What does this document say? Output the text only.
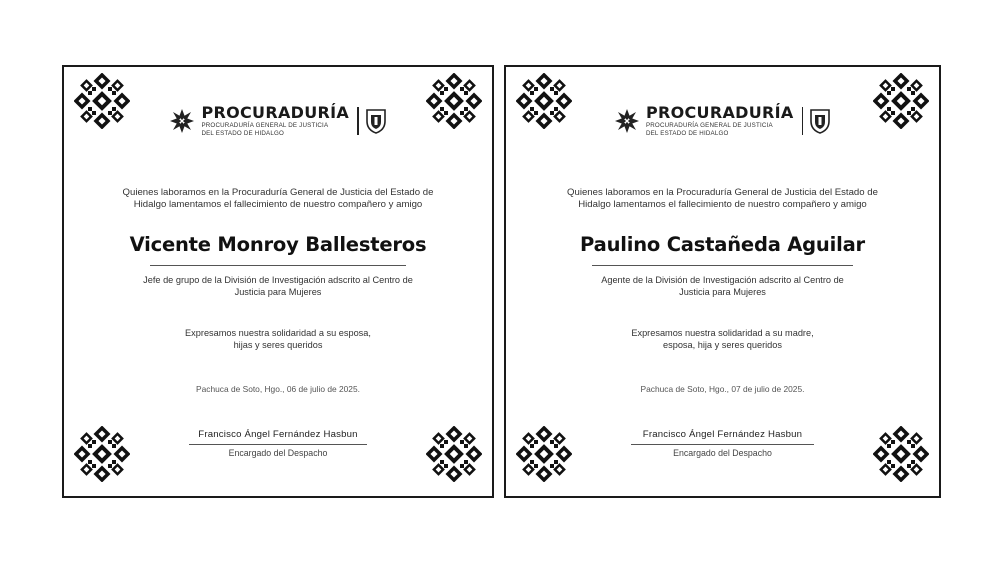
PROCURADURÍA
PROCURADURÍA GENERAL DE JUSTICIA
DEL ESTADO DE HIDALGO
Quienes laboramos en la Procuraduría General de Justicia del Estado de
Hidalgo lamentamos el fallecimiento de nuestro compañero y amigo
Vicente Monroy Ballesteros
Jefe de grupo de la División de Investigación adscrito al Centro de
Justicia para Mujeres
Expresamos nuestra solidaridad a su esposa,
hijas y seres queridos
Pachuca de Soto, Hgo., 06 de julio de 2025.
Francisco Ángel Fernández Hasbun
Encargado del Despacho
PROCURADURÍA
PROCURADURÍA GENERAL DE JUSTICIA
DEL ESTADO DE HIDALGO
Quienes laboramos en la Procuraduría General de Justicia del Estado de
Hidalgo lamentamos el fallecimiento de nuestro compañero y amigo
Paulino Castañeda Aguilar
Agente de la División de Investigación adscrito al Centro de
Justicia para Mujeres
Expresamos nuestra solidaridad a su madre,
esposa, hija y seres queridos
Pachuca de Soto, Hgo., 07 de julio de 2025.
Francisco Ángel Fernández Hasbun
Encargado del Despacho
